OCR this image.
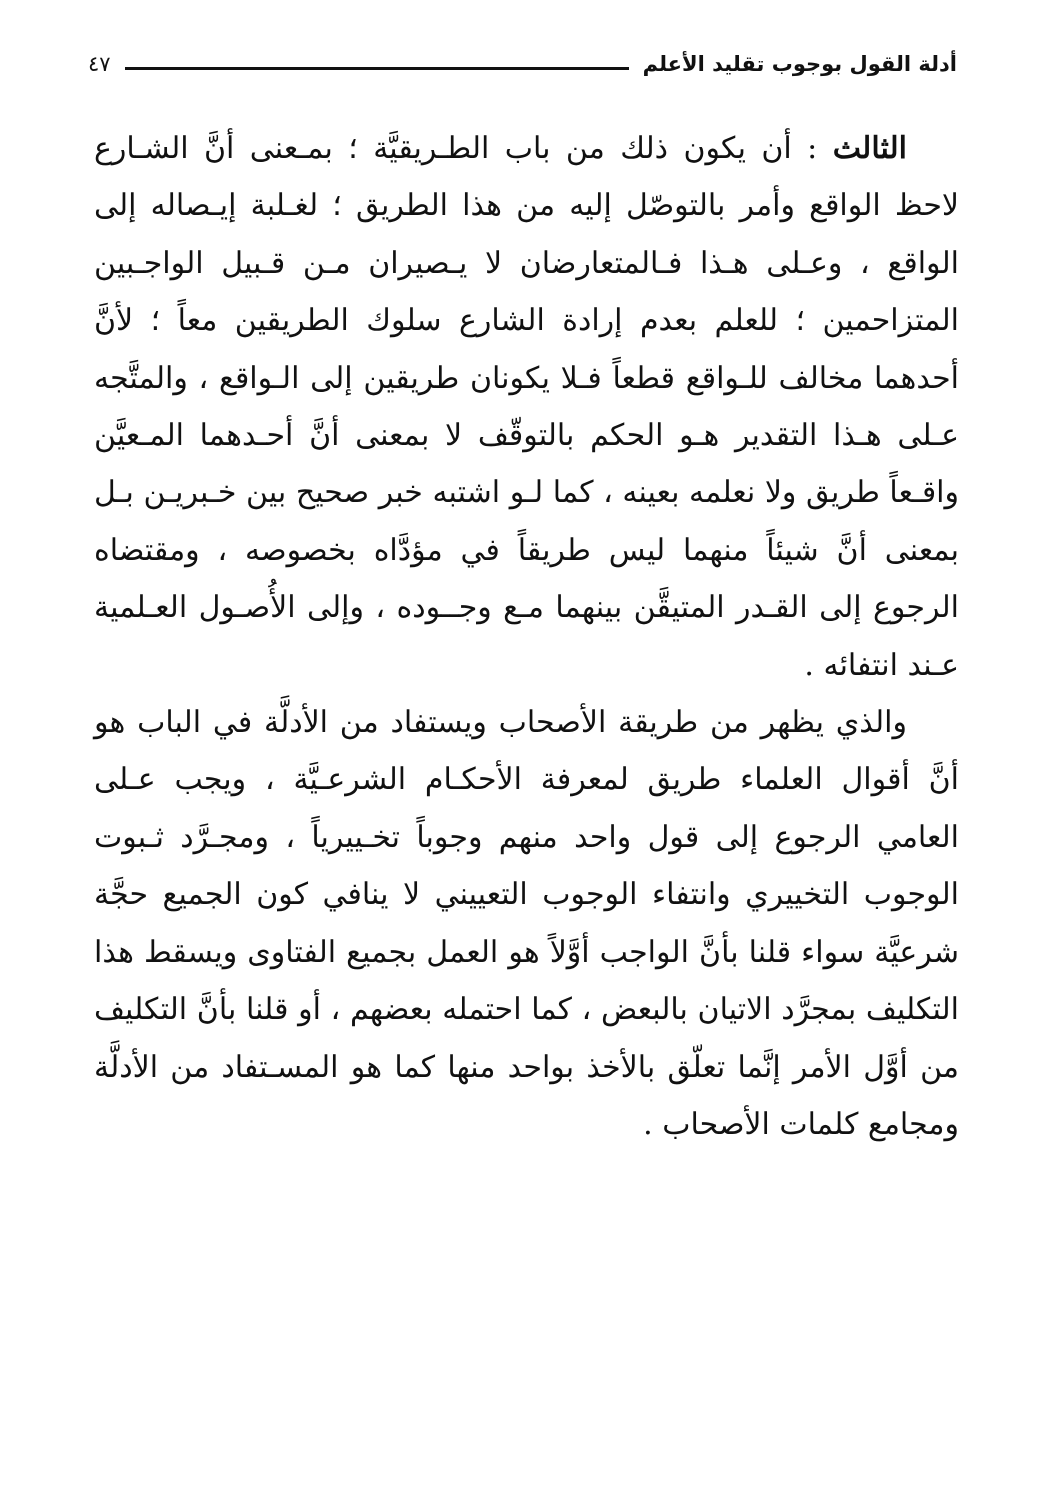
أدلة القول بوجوب تقليد الأعلم
٤٧

الثالث : أن يكون ذلك من باب الطـريقيَّة ؛ بمـعنى أنَّ الشـارع لاحظ الواقع وأمر بالتوصّل إليه من هذا الطريق ؛ لغـلبة إيـصاله إلى الواقع ، وعـلى هـذا فـالمتعارضان لا يـصيران مـن قـبيل الواجـبين المتزاحمين ؛ للعلم بعدم إرادة الشارع سلوك الطريقين معاً ؛ لأنَّ أحدهما مخالف للـواقع قطعاً فـلا يكونان طريقين إلى الـواقع ، والمتَّجه عـلى هـذا التقدير هـو الحكم بالتوقّف لا بمعنى أنَّ أحـدهما المـعيَّن واقـعاً طريق ولا نعلمه بعينه ، كما لـو اشتبه خبر صحيح بين خـبريـن بـل بمعنى أنَّ شيئاً منهما ليس طريقاً في مؤدَّاه بخصوصه ، ومقتضاه الرجوع إلى القـدر المتيقَّن بينهما مـع وجــوده ، وإلى الأُصـول العـلمية عـند انتفائه .

والذي يظهر من طريقة الأصحاب ويستفاد من الأدلَّة في الباب هو أنَّ أقوال العلماء طريق لمعرفة الأحكـام الشرعـيَّة ، ويجب عـلى العامي الرجوع إلى قول واحد منهم وجوباً تخـييرياً ، ومجـرَّد ثـبوت الوجوب التخييري وانتفاء الوجوب التعييني لا ينافي كون الجميع حجَّة شرعيَّة سواء قلنا بأنَّ الواجب أوَّلاً هو العمل بجميع الفتاوى ويسقط هذا التكليف بمجرَّد الاتيان بالبعض ، كما احتمله بعضهم ، أو قلنا بأنَّ التكليف من أوَّل الأمر إنَّما تعلّق بالأخذ بواحد منها كما هو المسـتفاد من الأدلَّة ومجامع كلمات الأصحاب .
